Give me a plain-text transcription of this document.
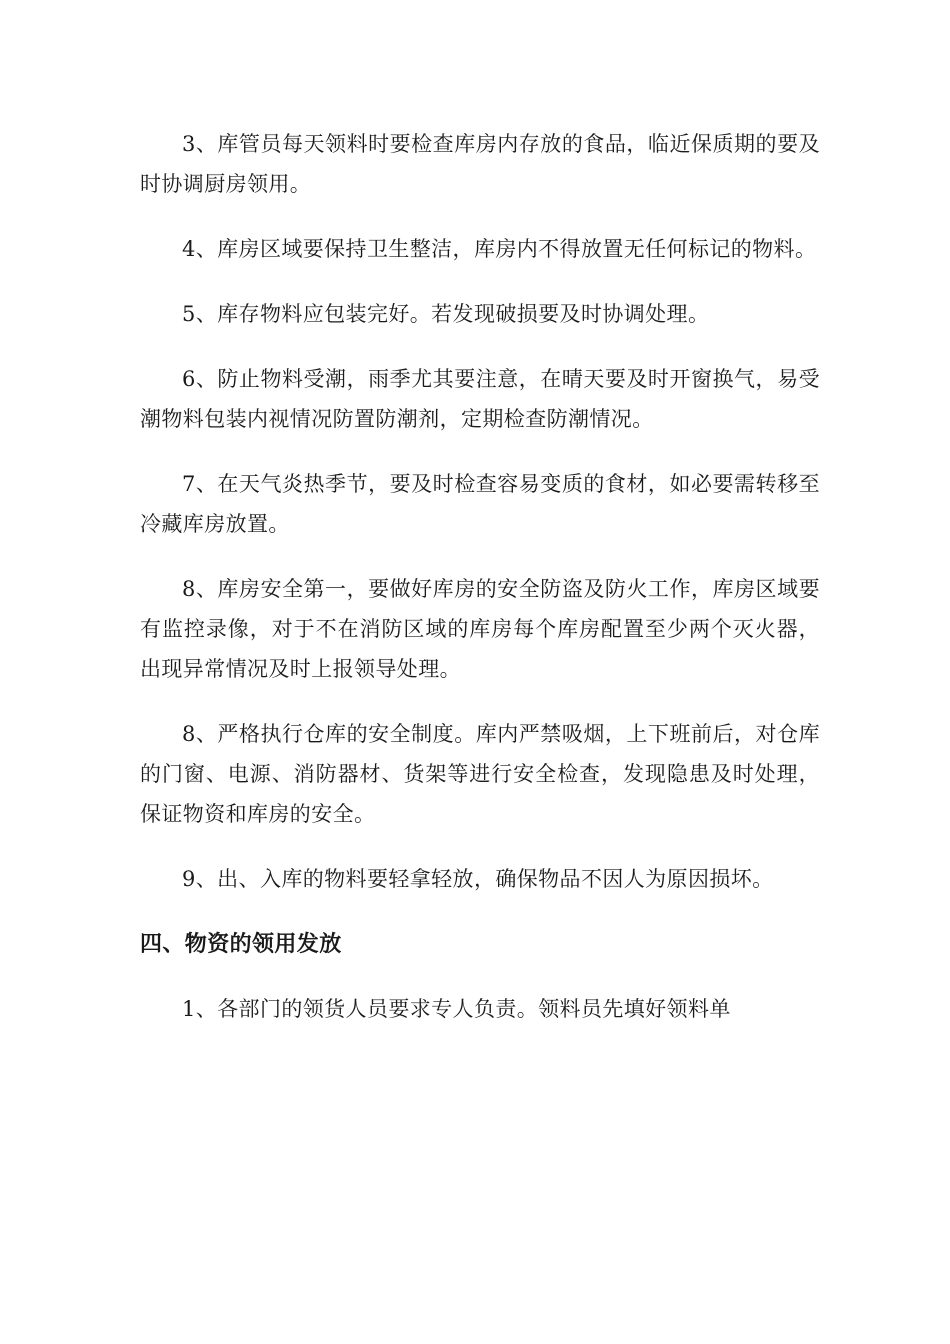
3、库管员每天领料时要检查库房内存放的食品，临近保质期的要及时协调厨房领用。

4、库房区域要保持卫生整洁，库房内不得放置无任何标记的物料。

5、库存物料应包装完好。若发现破损要及时协调处理。

6、防止物料受潮，雨季尤其要注意，在晴天要及时开窗换气，易受潮物料包装内视情况防置防潮剂，定期检查防潮情况。

7、在天气炎热季节，要及时检查容易变质的食材，如必要需转移至冷藏库房放置。

8、库房安全第一，要做好库房的安全防盗及防火工作，库房区域要有监控录像，对于不在消防区域的库房每个库房配置至少两个灭火器，出现异常情况及时上报领导处理。

8、严格执行仓库的安全制度。库内严禁吸烟，上下班前后，对仓库的门窗、电源、消防器材、货架等进行安全检查，发现隐患及时处理，保证物资和库房的安全。

9、出、入库的物料要轻拿轻放，确保物品不因人为原因损坏。

四、物资的领用发放

1、各部门的领货人员要求专人负责。领料员先填好领料单
